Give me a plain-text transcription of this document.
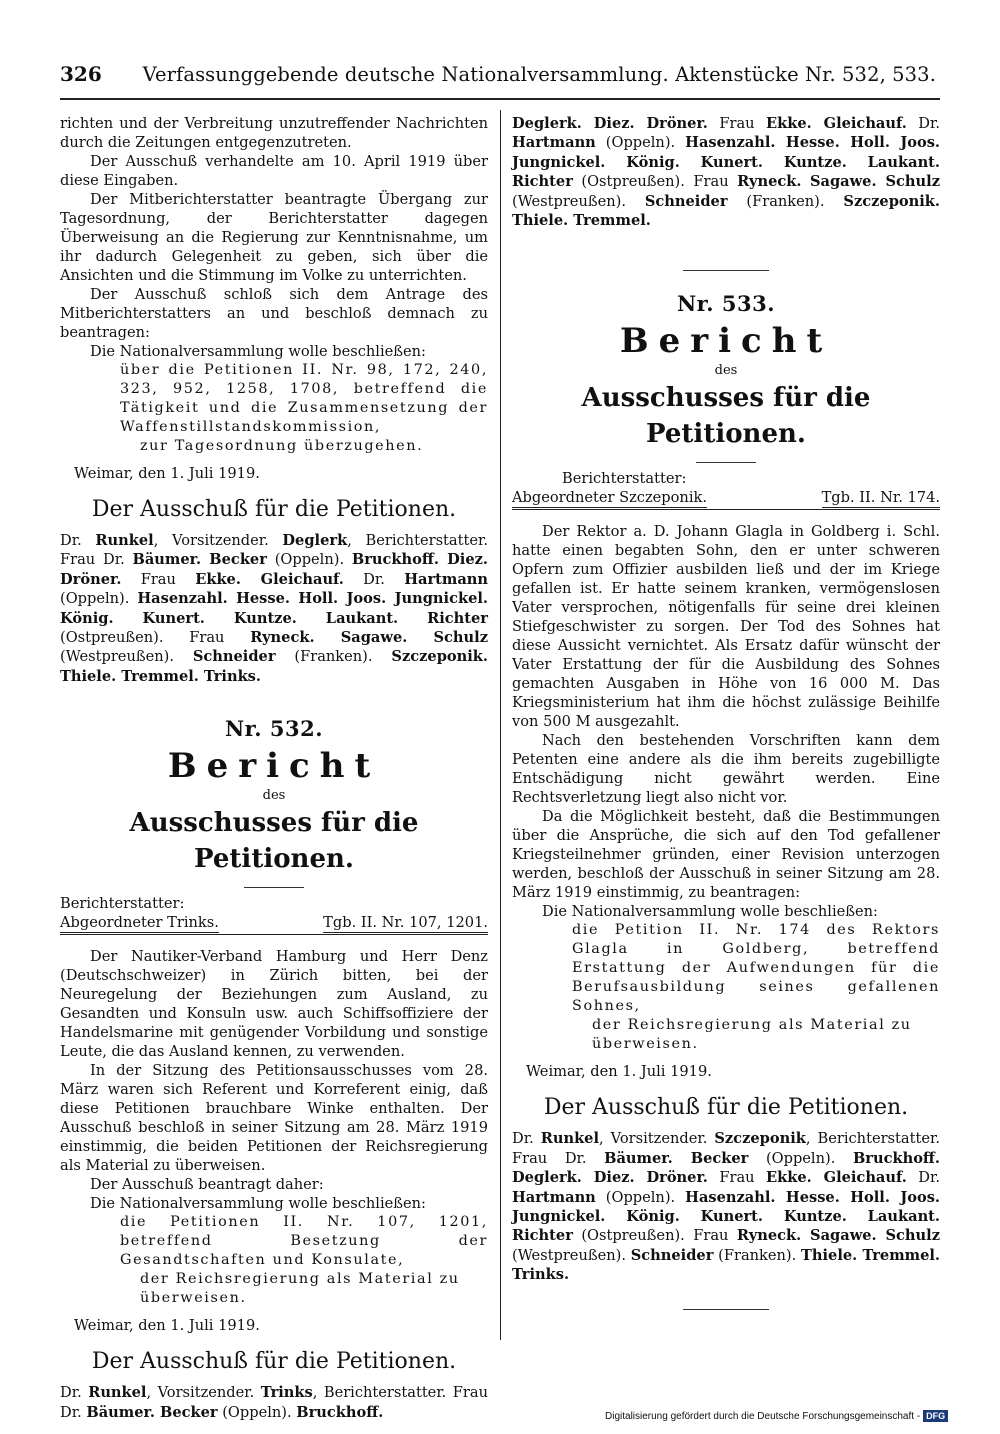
326 Verfassunggebende deutsche Nationalversammlung. Aktenstücke Nr. 532, 533.

richten und der Verbreitung unzutreffender Nachrichten durch die Zeitungen entgegenzutreten.

Der Ausschuß verhandelte am 10. April 1919 über diese Eingaben.

Der Mitberichterstatter beantragte Übergang zur Tagesordnung, der Berichterstatter dagegen Überweisung an die Regierung zur Kenntnisnahme, um ihr dadurch Gelegenheit zu geben, sich über die Ansichten und die Stimmung im Volke zu unterrichten.

Der Ausschuß schloß sich dem Antrage des Mitberichterstatters an und beschloß demnach zu beantragen:

Die Nationalversammlung wolle beschließen:
über die Petitionen II. Nr. 98, 172, 240, 323, 952, 1258, 1708, betreffend die Tätigkeit und die Zusammensetzung der Waffenstillstandskommission,
zur Tagesordnung überzugehen.
Weimar, den 1. Juli 1919.
Der Ausschuß für die Petitionen.
Dr. Runkel, Vorsitzender. Deglerk, Berichterstatter. Frau Dr. Bäumer. Becker (Oppeln). Bruckhoff. Diez. Dröner. Frau Ekke. Gleichauf. Dr. Hartmann (Oppeln). Hasenzahl. Hesse. Holl. Joos. Jungnickel. König. Kunert. Kuntze. Laukant. Richter (Ostpreußen). Frau Ryneck. Sagawe. Schulz (Westpreußen). Schneider (Franken). Szczeponik. Thiele. Tremmel. Trinks.
Nr. 532.
Bericht
des
Ausschusses für die Petitionen.
Berichterstatter:
Abgeordneter Trinks.	Tgb. II. Nr. 107, 1201.

Der Nautiker-Verband Hamburg und Herr Denz (Deutschschweizer) in Zürich bitten, bei der Neuregelung der Beziehungen zum Ausland, zu Gesandten und Konsuln usw. auch Schiffsoffiziere der Handelsmarine mit genügender Vorbildung und sonstige Leute, die das Ausland kennen, zu verwenden.

In der Sitzung des Petitionsausschusses vom 28. März waren sich Referent und Korreferent einig, daß diese Petitionen brauchbare Winke enthalten. Der Ausschuß beschloß in seiner Sitzung am 28. März 1919 einstimmig, die beiden Petitionen der Reichsregierung als Material zu überweisen.

Der Ausschuß beantragt daher:

Die Nationalversammlung wolle beschließen:
die Petitionen II. Nr. 107, 1201, betreffend Besetzung der Gesandtschaften und Konsulate,
der Reichsregierung als Material zu überweisen.
Weimar, den 1. Juli 1919.
Der Ausschuß für die Petitionen.
Dr. Runkel, Vorsitzender. Trinks, Berichterstatter. Frau Dr. Bäumer. Becker (Oppeln). Bruckhoff.
Deglerk. Diez. Dröner. Frau Ekke. Gleichauf. Dr. Hartmann (Oppeln). Hasenzahl. Hesse. Holl. Joos. Jungnickel. König. Kunert. Kuntze. Laukant. Richter (Ostpreußen). Frau Ryneck. Sagawe. Schulz (Westpreußen). Schneider (Franken). Szczeponik. Thiele. Tremmel.
Nr. 533.
Bericht
des
Ausschusses für die Petitionen.
Berichterstatter:
Abgeordneter Szczeponik.	Tgb. II. Nr. 174.

Der Rektor a. D. Johann Glagla in Goldberg i. Schl. hatte einen begabten Sohn, den er unter schweren Opfern zum Offizier ausbilden ließ und der im Kriege gefallen ist. Er hatte seinem kranken, vermögenslosen Vater versprochen, nötigenfalls für seine drei kleinen Stiefgeschwister zu sorgen. Der Tod des Sohnes hat diese Aussicht vernichtet. Als Ersatz dafür wünscht der Vater Erstattung der für die Ausbildung des Sohnes gemachten Ausgaben in Höhe von 16 000 M. Das Kriegsministerium hat ihm die höchst zulässige Beihilfe von 500 M ausgezahlt.

Nach den bestehenden Vorschriften kann dem Petenten eine andere als die ihm bereits zugebilligte Entschädigung nicht gewährt werden. Eine Rechtsverletzung liegt also nicht vor.

Da die Möglichkeit besteht, daß die Bestimmungen über die Ansprüche, die sich auf den Tod gefallener Kriegsteilnehmer gründen, einer Revision unterzogen werden, beschloß der Ausschuß in seiner Sitzung am 28. März 1919 einstimmig, zu beantragen:

Die Nationalversammlung wolle beschließen:
die Petition II. Nr. 174 des Rektors Glagla in Goldberg, betreffend Erstattung der Aufwendungen für die Berufsausbildung seines gefallenen Sohnes,
der Reichsregierung als Material zu überweisen.
Weimar, den 1. Juli 1919.
Der Ausschuß für die Petitionen.
Dr. Runkel, Vorsitzender. Szczeponik, Berichterstatter. Frau Dr. Bäumer. Becker (Oppeln). Bruckhoff. Deglerk. Diez. Dröner. Frau Ekke. Gleichauf. Dr. Hartmann (Oppeln). Hasenzahl. Hesse. Holl. Joos. Jungnickel. König. Kunert. Kuntze. Laukant. Richter (Ostpreußen). Frau Ryneck. Sagawe. Schulz (Westpreußen). Schneider (Franken). Thiele. Tremmel. Trinks.
Digitalisierung gefördert durch die Deutsche Forschungsgemeinschaft - DFG
